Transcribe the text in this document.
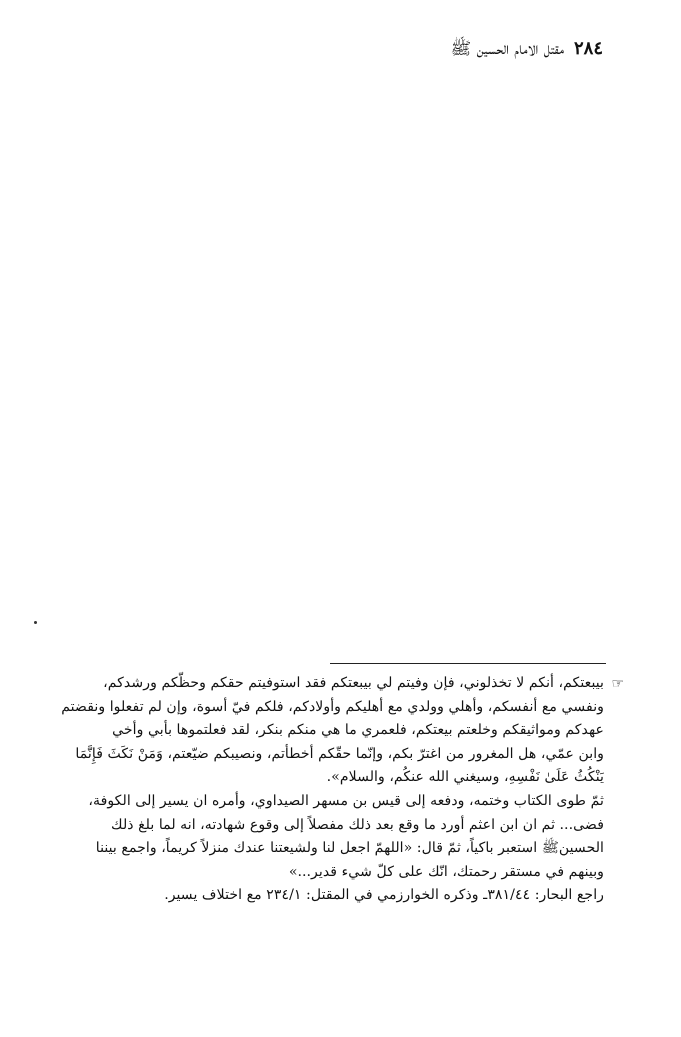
٢٨٤
مقتل الامام الحسين ﷺ
☞
بيبعتكم، أنكم لا تخذلوني، فإن وفيتم لي بيبعتكم فقد استوفيتم حقكم وحظّكم ورشدكم،
ونفسي مع أنفسكم، وأهلي وولدي مع أهليكم وأولادكم، فلكم فيّ أسوة، وإن لم تفعلوا ونقضتم
عهدكم ومواثيقكم وخلعتم بيعتكم، فلعمري ما هي منكم بنكر، لقد فعلتموها بأبي وأخي
وابن عمّي، هل المغرور من اغترّ بكم، وإنّما حقّكم أخطأتم، ونصيبكم ضيّعتم، وَمَنْ نَكَثَ فَإِنَّمَا
يَنْكُثُ عَلَىٰ نَفْسِهِ، وسيغني الله عنكُم، والسلام».
ثمّ طوى الكتاب وختمه، ودفعه إلى قيس بن مسهر الصيداوي، وأمره ان يسير إلى الكوفة،
فضى... ثم ان ابن اعثم أورد ما وقع بعد ذلك مفصلاً إلى وقوع شهادته، انه لما بلغ ذلك
الحسينﷺ استعبر باكياً، ثمّ قال: «اللهمّ اجعل لنا ولشيعتنا عندك منزلاً كريماً، واجمع بيننا
وبينهم في مستقر رحمتك، انّك على كلّ شيء قدير...»
راجع البحار: ٣٨١/٤٤ـ وذكره الخوارزمي في المقتل: ٢٣٤/١ مع اختلاف يسير.
